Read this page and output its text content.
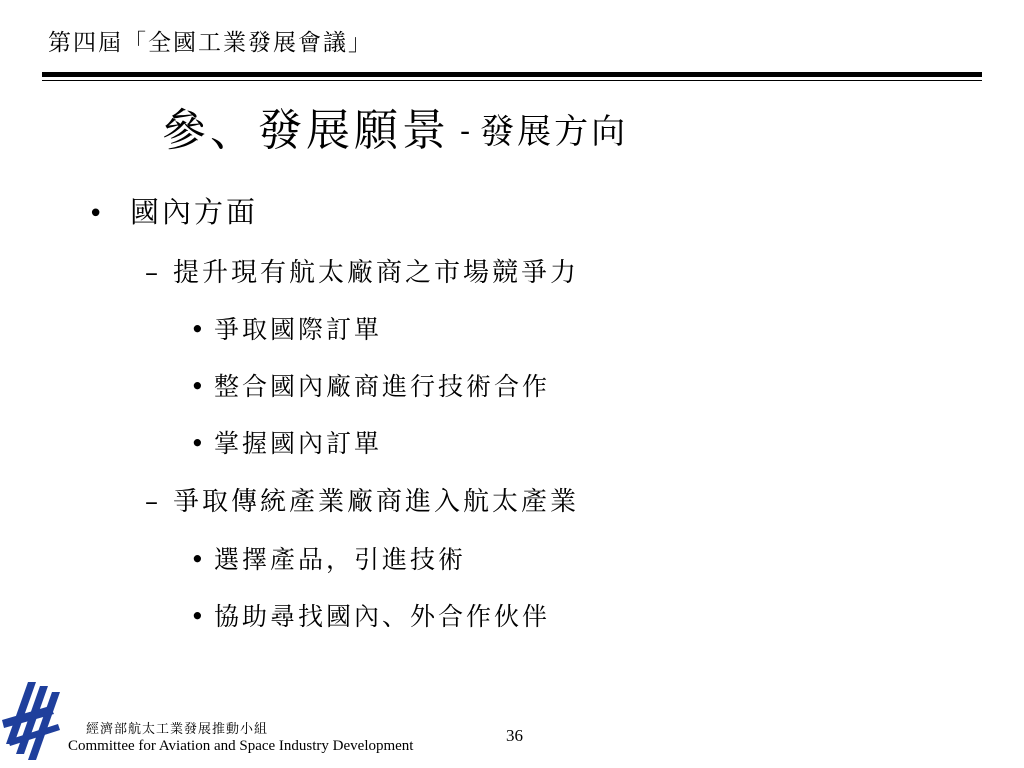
第四屆「全國工業發展會議」
參、發展願景 - 發展方向
• 國內方面
– 提升現有航太廠商之市場競爭力
• 爭取國際訂單
• 整合國內廠商進行技術合作
• 掌握國內訂單
– 爭取傳統產業廠商進入航太產業
• 選擇產品，引進技術
• 協助尋找國內、外合作伙伴
經濟部航太工業發展推動小組
Committee for Aviation and Space Industry Development
36
